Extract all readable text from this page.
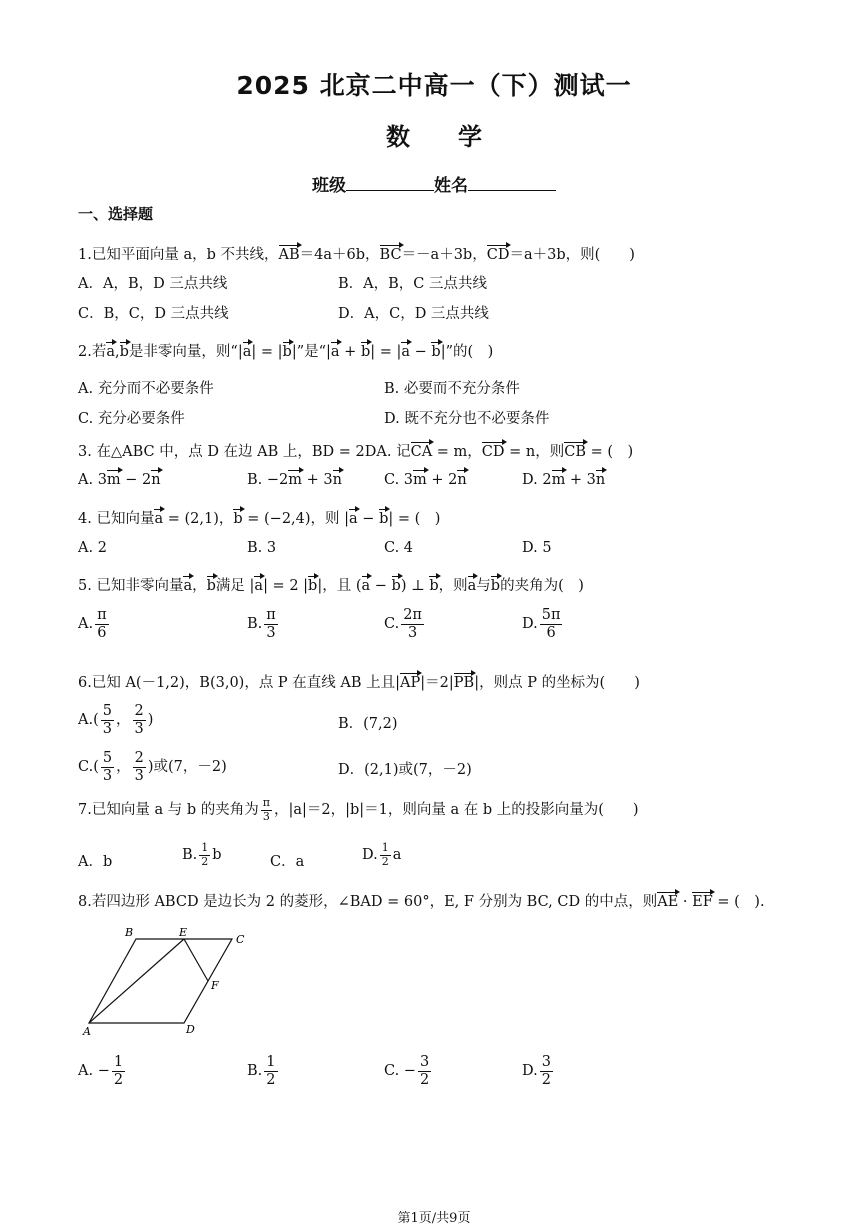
2025 北京二中高一（下）测试一
数　　学
班级	姓名
一、选择题
1.已知平面向量 a，b 不共线，AB＝4a＋6b，BC＝－a＋3b，CD＝a＋3b，则(　　)
A．A，B，D 三点共线	B．A，B，C 三点共线
C．B，C，D 三点共线	D．A，C，D 三点共线
2.若a,b是非零向量，则“|a| = |b|”是“|a + b| = |a − b|”的(　)
A. 充分而不必要条件	B. 必要而不充分条件
C. 充分必要条件	D. 既不充分也不必要条件
3. 在△ABC 中，点 D 在边 AB 上，BD = 2DA. 记CA = m，CD = n，则CB = (　)
A. 3m − 2n	B. −2m + 3n	C. 3m + 2n	D. 2m + 3n
4. 已知向量a = (2,1)，b = (−2,4)，则 |a − b| = (　)
A. 2	B. 3	C. 4	D. 5
5. 已知非零向量a，b满足 |a| = 2 |b|，且 (a − b) ⊥ b，则a与b的夹角为(　)
A. $\frac{\pi}{6}$	B. $\frac{\pi}{3}$	C. $\frac{2\pi}{3}$	D. $\frac{5\pi}{6}$
6.已知 A(－1,2)，B(3,0)，点 P 在直线 AB 上且|AP|＝2|PB|，则点 P 的坐标为(　　)
$A.( \frac{5}{3}$ ， $\frac{2}{3}$ )	B．(7,2)
$C.( \frac{5}{3}$ ， $\frac{2}{3}$ )或(7，－2)	D．(2,1)或(7，－2)
7.已知向量 a 与 b 的夹角为 $\frac{\pi}{3}$ ，|a|＝2，|b|＝1，则向量 a 在 b 上的投影向量为(　　)
A．b	B. $\frac{1}{2}$ b	C．a	D. $\frac{1}{2}$ a
8.若四边形 ABCD 是边长为 2 的菱形，∠BAD = 60°，E, F 分别为 BC, CD 的中点，则AE · EF = (　).
B	E
C
F
A	D
A. − $\frac{1}{2}$	B. $\frac{1}{2}$	C. − $\frac{3}{2}$	D. $\frac{3}{2}$
第1页/共9页
